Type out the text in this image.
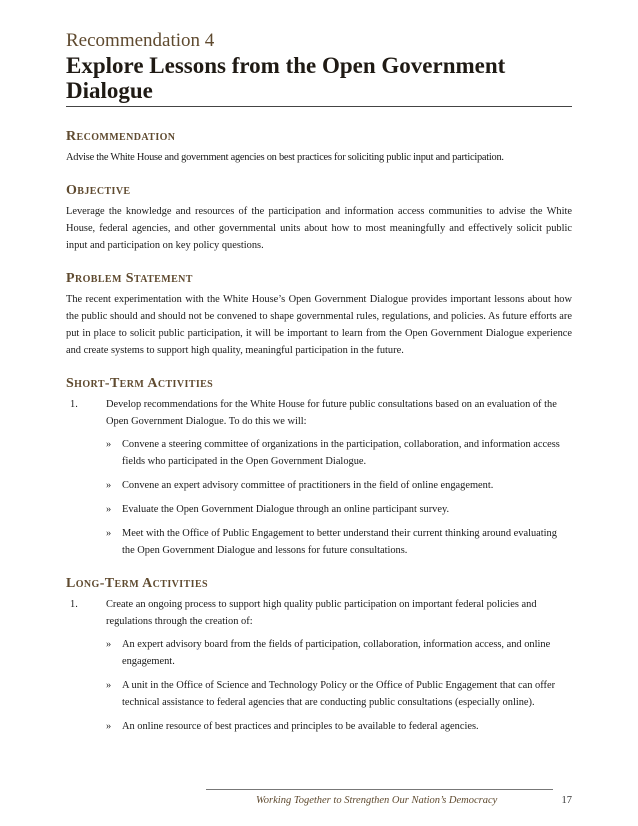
Recommendation 4
Explore Lessons from the Open Government Dialogue
Recommendation
Advise the White House and government agencies on best practices for soliciting public input and participation.
Objective
Leverage the knowledge and resources of the participation and information access communities to advise the White House, federal agencies, and other governmental units about how to most meaningfully and effectively solicit public input and participation on key policy questions.
Problem Statement
The recent experimentation with the White House’s Open Government Dialogue provides important lessons about how the public should and should not be convened to shape governmental rules, regulations, and policies. As future efforts are put in place to solicit public participation, it will be important to learn from the Open Government Dialogue experience and create systems to support high quality, meaningful participation in the future.
Short-Term Activities
1.	Develop recommendations for the White House for future public consultations based on an evaluation of the Open Government Dialogue. To do this we will:
»	Convene a steering committee of organizations in the participation, collaboration, and information access fields who participated in the Open Government Dialogue.
»	Convene an expert advisory committee of practitioners in the field of online engagement.
»	Evaluate the Open Government Dialogue through an online participant survey.
»	Meet with the Office of Public Engagement to better understand their current thinking around evaluating the Open Government Dialogue and lessons for future consultations.
Long-Term Activities
1.	Create an ongoing process to support high quality public participation on important federal policies and regulations through the creation of:
»	An expert advisory board from the fields of participation, collaboration, information access, and online engagement.
»	A unit in the Office of Science and Technology Policy or the Office of Public Engagement that can offer technical assistance to federal agencies that are conducting public consultations (especially online).
»	An online resource of best practices and principles to be available to federal agencies.
Working Together to Strengthen Our Nation’s Democracy	17
